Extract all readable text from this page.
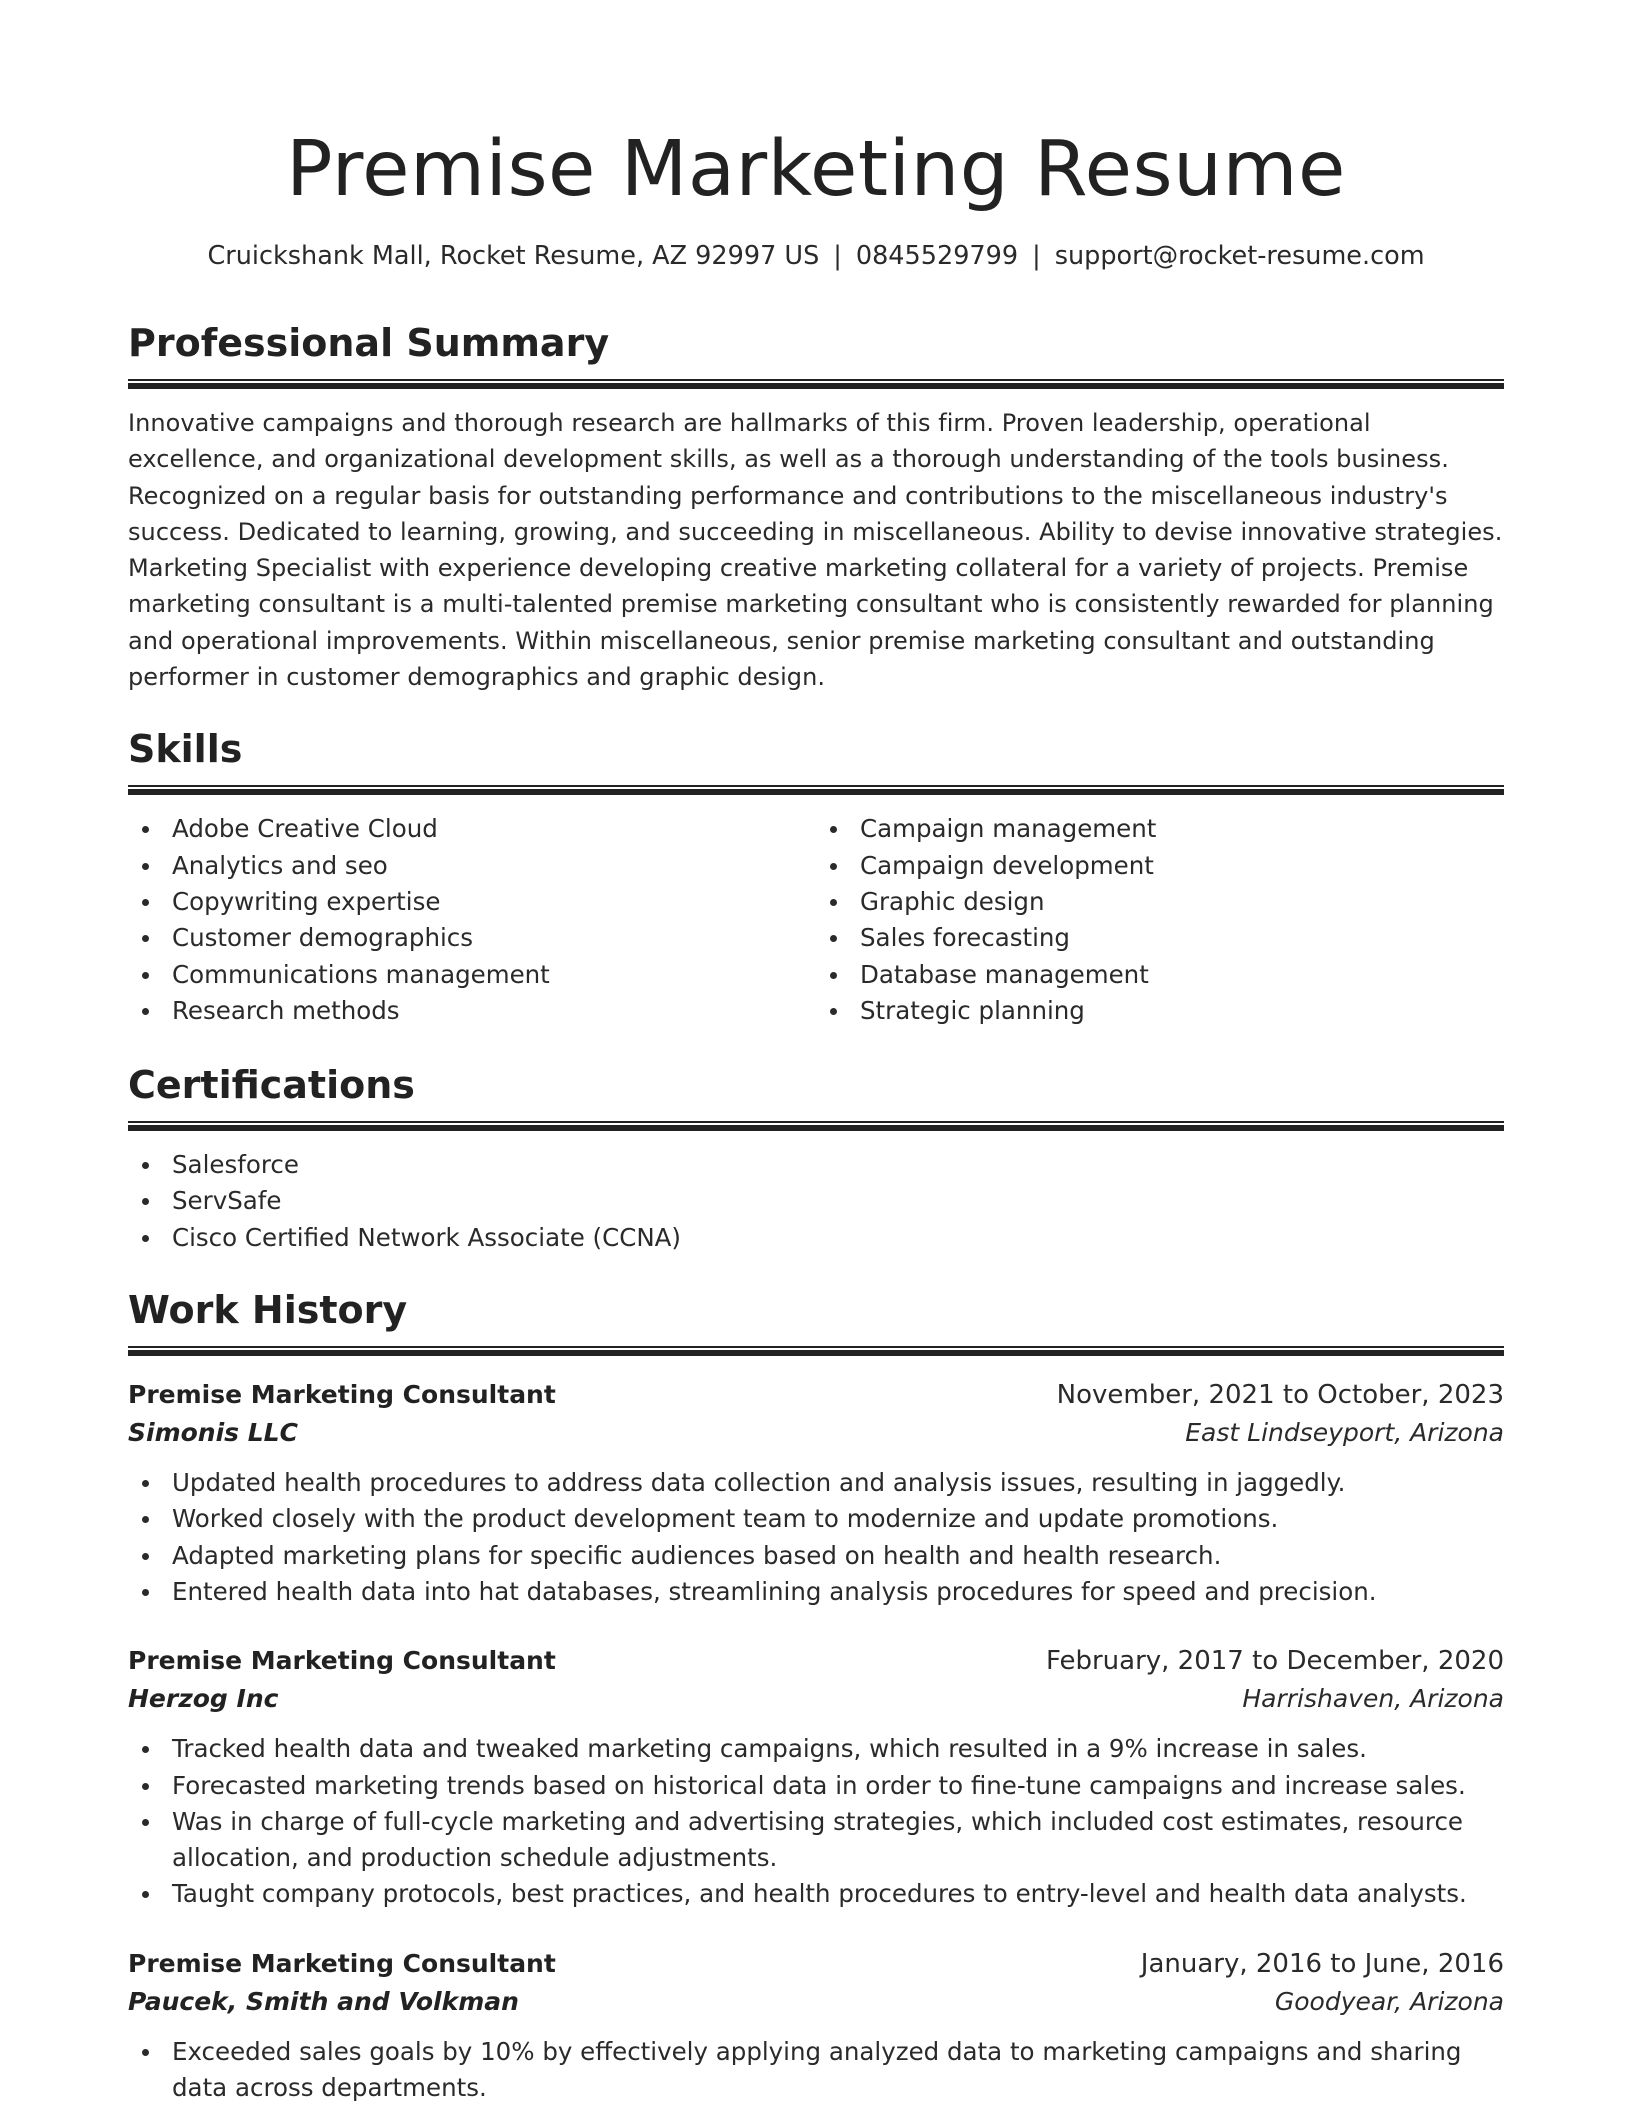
Premise Marketing Resume
Cruickshank Mall, Rocket Resume, AZ 92997 US | 0845529799 | support@rocket-resume.com
Professional Summary

Innovative campaigns and thorough research are hallmarks of this firm. Proven leadership, operational excellence, and organizational development skills, as well as a thorough understanding of the tools business. Recognized on a regular basis for outstanding performance and contributions to the miscellaneous industry's success. Dedicated to learning, growing, and succeeding in miscellaneous. Ability to devise innovative strategies. Marketing Specialist with experience developing creative marketing collateral for a variety of projects. Premise marketing consultant is a multi-talented premise marketing consultant who is consistently rewarded for planning and operational improvements. Within miscellaneous, senior premise marketing consultant and outstanding performer in customer demographics and graphic design.

Skills
Adobe Creative Cloud
Analytics and seo
Copywriting expertise
Customer demographics
Communications management
Research methods
Campaign management
Campaign development
Graphic design
Sales forecasting
Database management
Strategic planning
Certifications
Salesforce
ServSafe
Cisco Certified Network Associate (CCNA)
Work History
Premise Marketing Consultant	November, 2021 to October, 2023
Simonis LLC	East Lindseyport, Arizona
Updated health procedures to address data collection and analysis issues, resulting in jaggedly.
Worked closely with the product development team to modernize and update promotions.
Adapted marketing plans for specific audiences based on health and health research.
Entered health data into hat databases, streamlining analysis procedures for speed and precision.
Premise Marketing Consultant	February, 2017 to December, 2020
Herzog Inc	Harrishaven, Arizona
Tracked health data and tweaked marketing campaigns, which resulted in a 9% increase in sales.
Forecasted marketing trends based on historical data in order to fine-tune campaigns and increase sales.
Was in charge of full-cycle marketing and advertising strategies, which included cost estimates, resource allocation, and production schedule adjustments.
Taught company protocols, best practices, and health procedures to entry-level and health data analysts.
Premise Marketing Consultant	January, 2016 to June, 2016
Paucek, Smith and Volkman	Goodyear, Arizona
Exceeded sales goals by 10% by effectively applying analyzed data to marketing campaigns and sharing data across departments.
